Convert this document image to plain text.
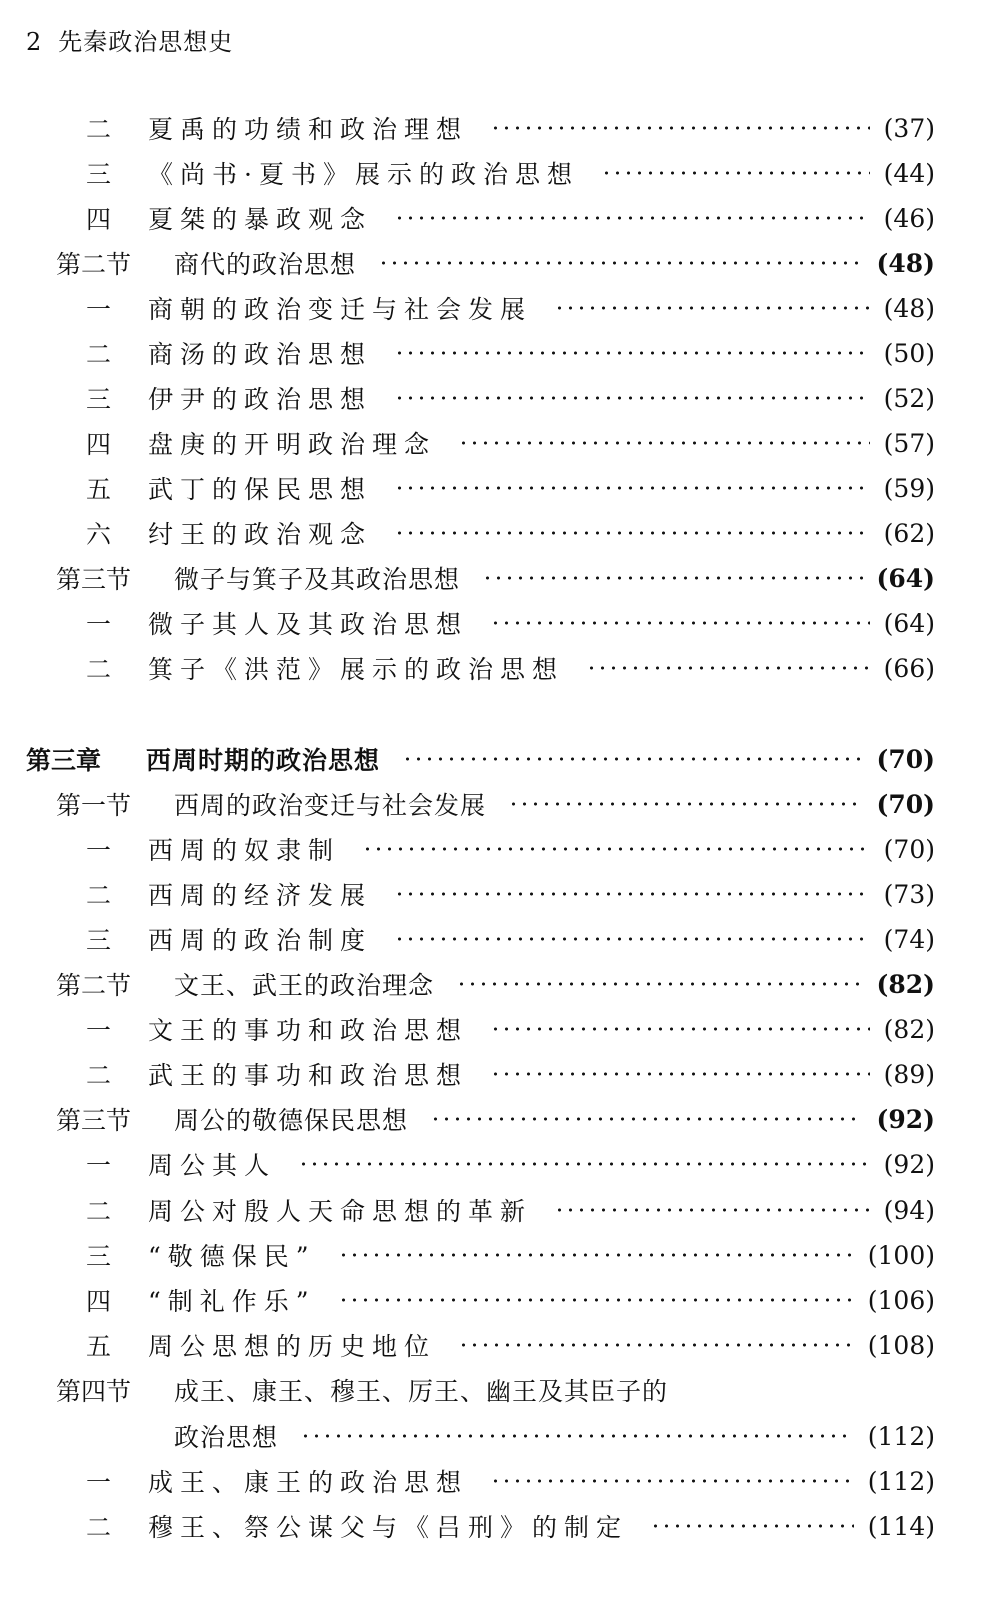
2 先秦政治思想史
二	夏禹的功绩和政治理想	(37)
三	《尚书·夏书》展示的政治思想	(44)
四	夏桀的暴政观念	(46)
第二节	商代的政治思想	(48)
一	商朝的政治变迁与社会发展	(48)
二	商汤的政治思想	(50)
三	伊尹的政治思想	(52)
四	盘庚的开明政治理念	(57)
五	武丁的保民思想	(59)
六	纣王的政治观念	(62)
第三节	微子与箕子及其政治思想	(64)
一	微子其人及其政治思想	(64)
二	箕子《洪范》展示的政治思想	(66)
第三章	西周时期的政治思想	(70)
第一节	西周的政治变迁与社会发展	(70)
一	西周的奴隶制	(70)
二	西周的经济发展	(73)
三	西周的政治制度	(74)
第二节	文王、武王的政治理念	(82)
一	文王的事功和政治思想	(82)
二	武王的事功和政治思想	(89)
第三节	周公的敬德保民思想	(92)
一	周公其人	(92)
二	周公对殷人天命思想的革新	(94)
三	“敬德保民”	(100)
四	“制礼作乐”	(106)
五	周公思想的历史地位	(108)
第四节	成王、康王、穆王、厉王、幽王及其臣子的
政治思想	(112)
一	成王、康王的政治思想	(112)
二	穆王、祭公谋父与《吕刑》的制定	(114)
